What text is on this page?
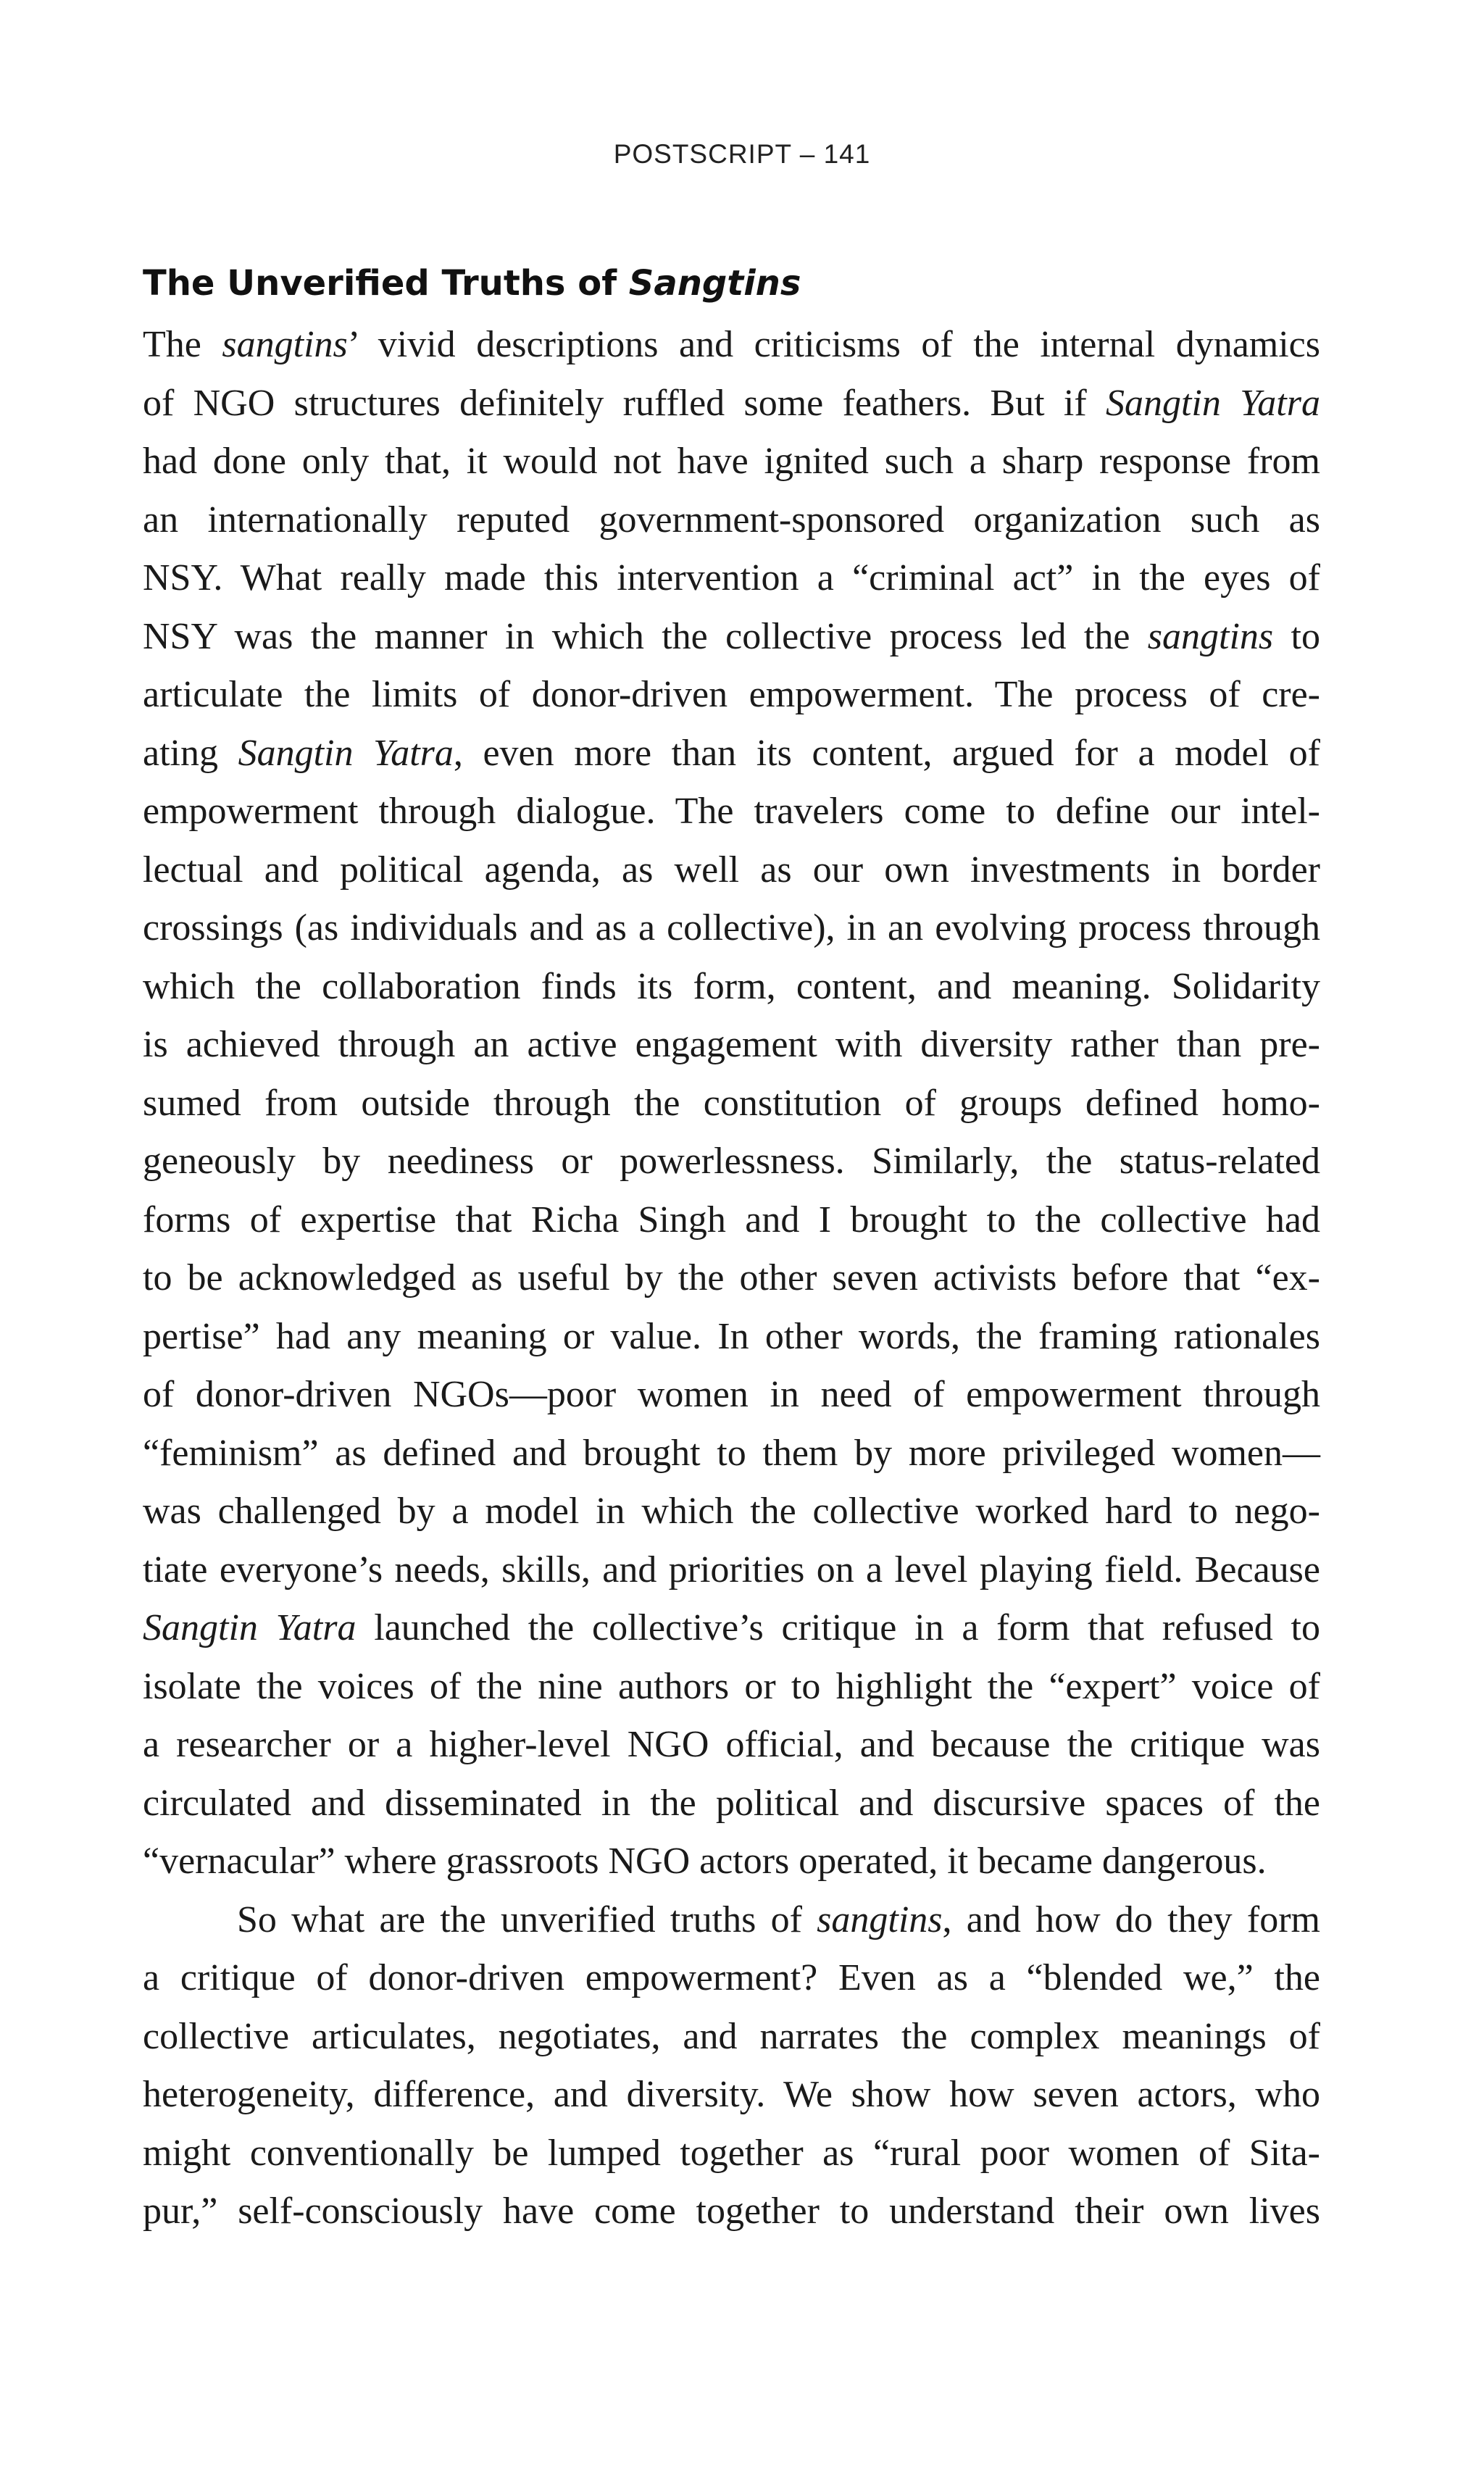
POSTSCRIPT – 141
The Unverified Truths of Sangtins
The sangtins’ vivid descriptions and criticisms of the internal dynamics
of NGO structures definitely ruffled some feathers. But if Sangtin Yatra
had done only that, it would not have ignited such a sharp response from
an internationally reputed government-sponsored organization such as
NSY. What really made this intervention a “criminal act” in the eyes of
NSY was the manner in which the collective process led the sangtins to
articulate the limits of donor-driven empowerment. The process of cre-
ating Sangtin Yatra, even more than its content, argued for a model of
empowerment through dialogue. The travelers come to define our intel-
lectual and political agenda, as well as our own investments in border
crossings (as individuals and as a collective), in an evolving process through
which the collaboration finds its form, content, and meaning. Solidarity
is achieved through an active engagement with diversity rather than pre-
sumed from outside through the constitution of groups defined homo-
geneously by neediness or powerlessness. Similarly, the status-related
forms of expertise that Richa Singh and I brought to the collective had
to be acknowledged as useful by the other seven activists before that “ex-
pertise” had any meaning or value. In other words, the framing rationales
of donor-driven NGOs—poor women in need of empowerment through
“feminism” as defined and brought to them by more privileged women—
was challenged by a model in which the collective worked hard to nego-
tiate everyone’s needs, skills, and priorities on a level playing field. Because
Sangtin Yatra launched the collective’s critique in a form that refused to
isolate the voices of the nine authors or to highlight the “expert” voice of
a researcher or a higher-level NGO official, and because the critique was
circulated and disseminated in the political and discursive spaces of the
“vernacular” where grassroots NGO actors operated, it became dangerous.
So what are the unverified truths of sangtins, and how do they form
a critique of donor-driven empowerment? Even as a “blended we,” the
collective articulates, negotiates, and narrates the complex meanings of
heterogeneity, difference, and diversity. We show how seven actors, who
might conventionally be lumped together as “rural poor women of Sita-
pur,” self-consciously have come together to understand their own lives
